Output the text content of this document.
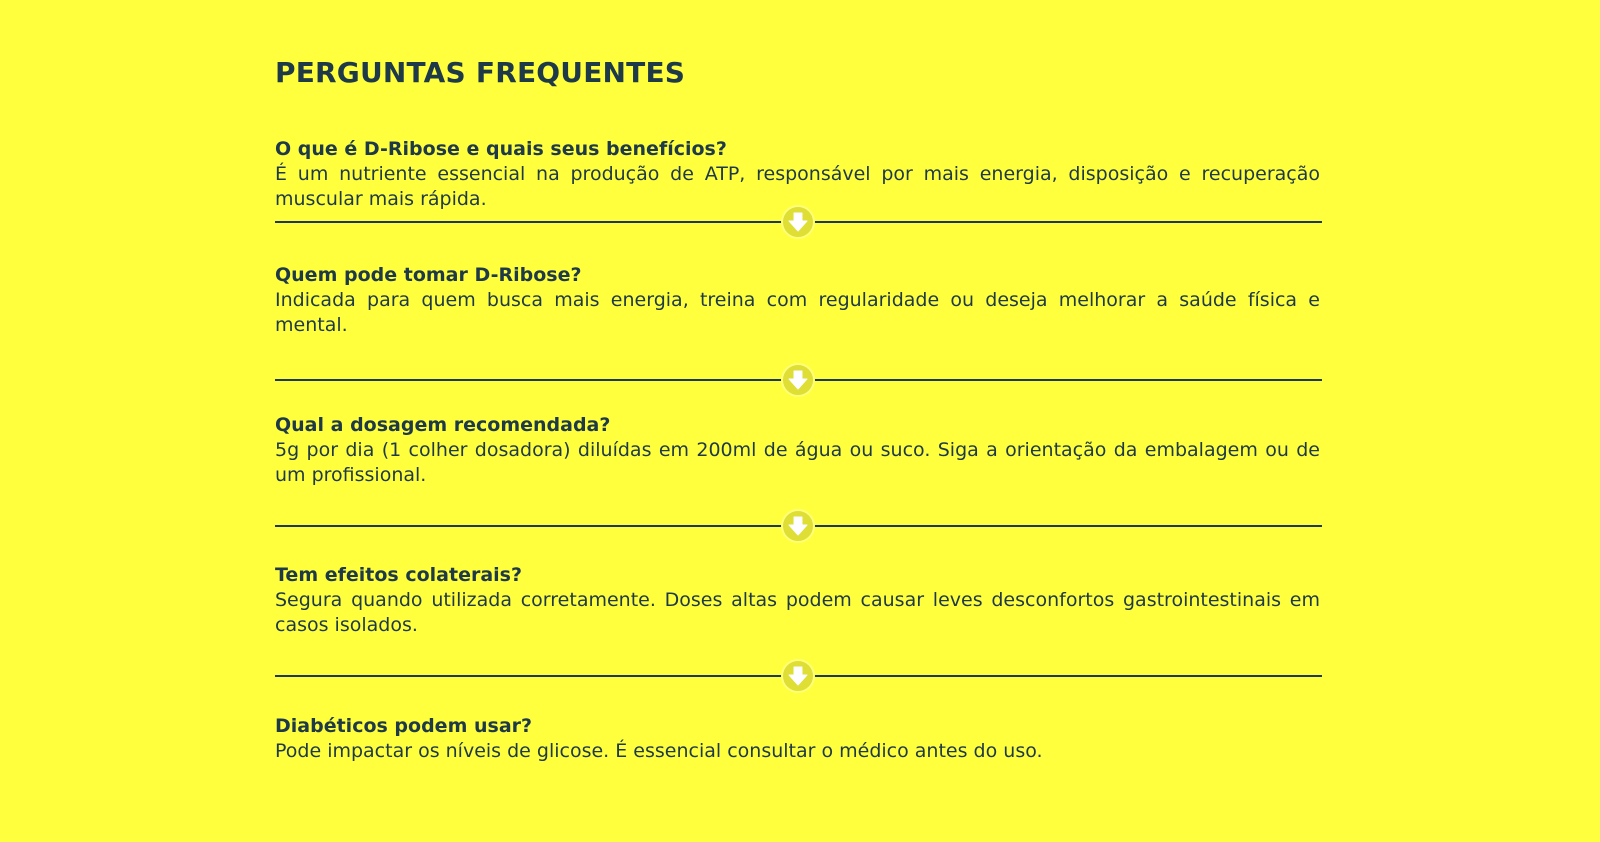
PERGUNTAS FREQUENTES

O que é D-Ribose e quais seus benefícios?

É um nutriente essencial na produção de ATP, responsável por mais energia, disposição e recuperação muscular mais rápida.

Quem pode tomar D-Ribose?

Indicada para quem busca mais energia, treina com regularidade ou deseja melhorar a saúde física e mental.

Qual a dosagem recomendada?

5g por dia (1 colher dosadora) diluídas em 200ml de água ou suco. Siga a orientação da embalagem ou de um profissional.

Tem efeitos colaterais?

Segura quando utilizada corretamente. Doses altas podem causar leves desconfortos gastrointestinais em casos isolados.

Diabéticos podem usar?

Pode impactar os níveis de glicose. É essencial consultar o médico antes do uso.
